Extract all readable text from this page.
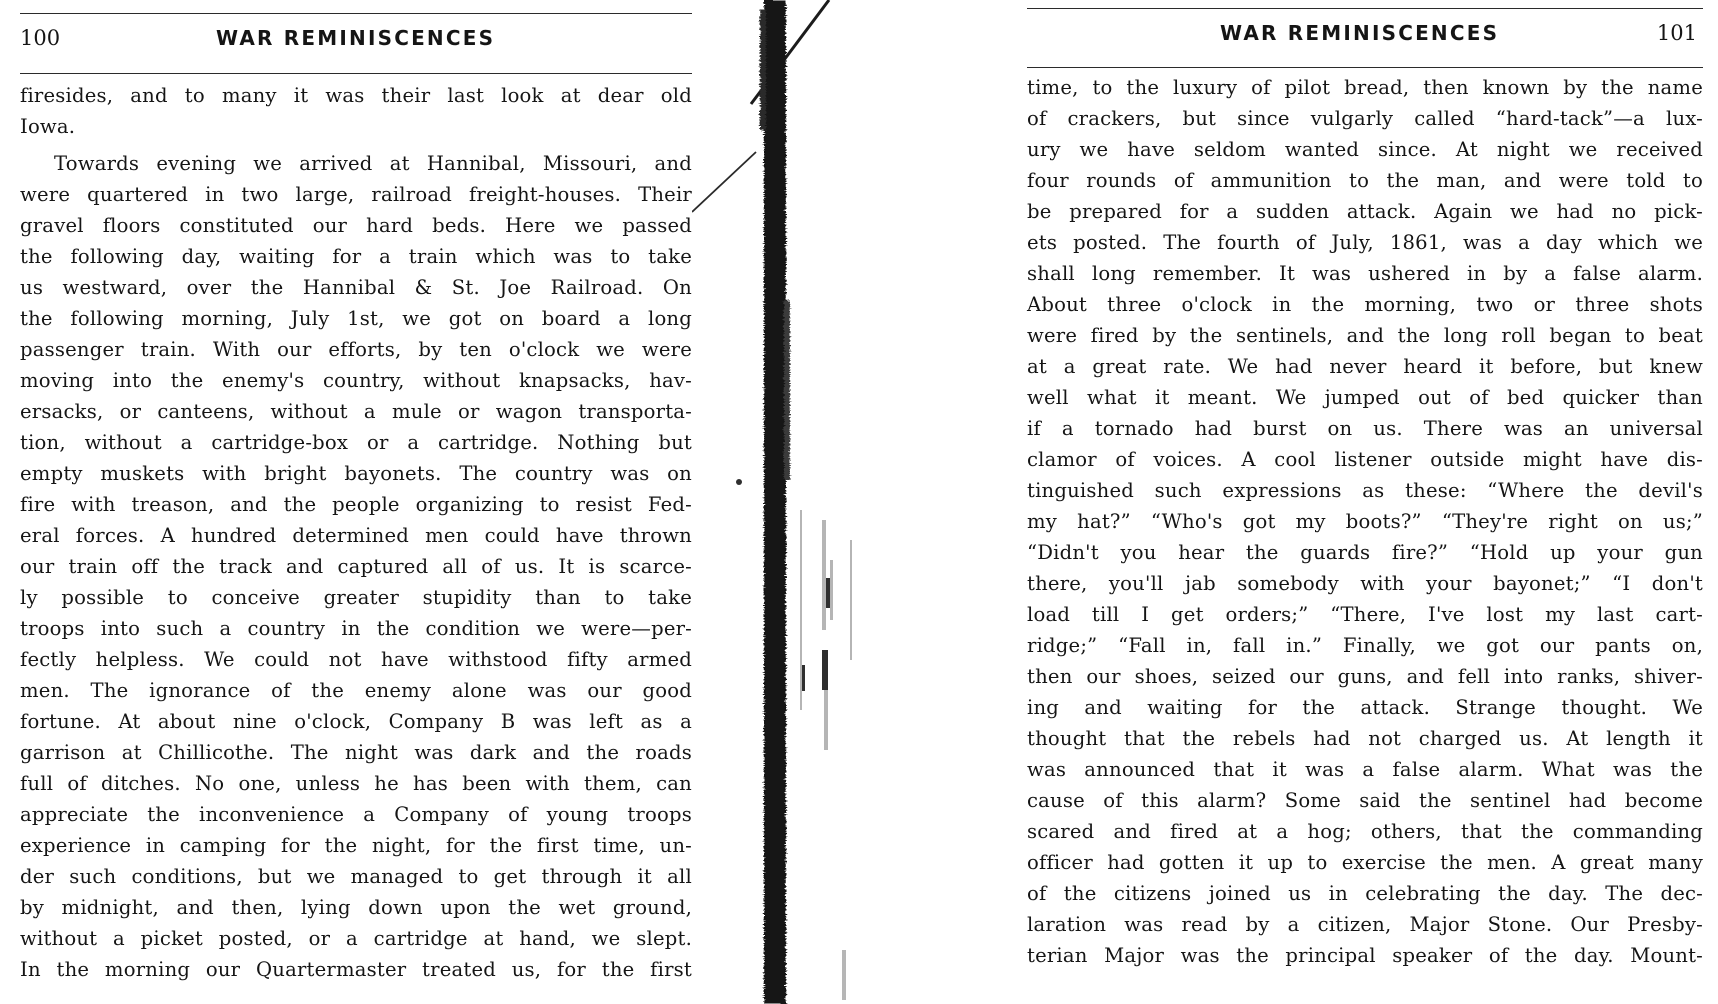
100	WAR REMINISCENCES
firesides, and to many it was their last look at dear old
Iowa.
Towards evening we arrived at Hannibal, Missouri, and
were quartered in two large, railroad freight-houses. Their
gravel floors constituted our hard beds. Here we passed
the following day, waiting for a train which was to take
us westward, over the Hannibal & St. Joe Railroad. On
the following morning, July 1st, we got on board a long
passenger train. With our efforts, by ten o'clock we were
moving into the enemy's country, without knapsacks, hav-
ersacks, or canteens, without a mule or wagon transporta-
tion, without a cartridge-box or a cartridge. Nothing but
empty muskets with bright bayonets. The country was on
fire with treason, and the people organizing to resist Fed-
eral forces. A hundred determined men could have thrown
our train off the track and captured all of us. It is scarce-
ly possible to conceive greater stupidity than to take
troops into such a country in the condition we were—per-
fectly helpless. We could not have withstood fifty armed
men. The ignorance of the enemy alone was our good
fortune. At about nine o'clock, Company B was left as a
garrison at Chillicothe. The night was dark and the roads
full of ditches. No one, unless he has been with them, can
appreciate the inconvenience a Company of young troops
experience in camping for the night, for the first time, un-
der such conditions, but we managed to get through it all
by midnight, and then, lying down upon the wet ground,
without a picket posted, or a cartridge at hand, we slept.
In the morning our Quartermaster treated us, for the first
WAR REMINISCENCES	101
time, to the luxury of pilot bread, then known by the name
of crackers, but since vulgarly called “hard-tack”—a lux-
ury we have seldom wanted since. At night we received
four rounds of ammunition to the man, and were told to
be prepared for a sudden attack. Again we had no pick-
ets posted. The fourth of July, 1861, was a day which we
shall long remember. It was ushered in by a false alarm.
About three o'clock in the morning, two or three shots
were fired by the sentinels, and the long roll began to beat
at a great rate. We had never heard it before, but knew
well what it meant. We jumped out of bed quicker than
if a tornado had burst on us. There was an universal
clamor of voices. A cool listener outside might have dis-
tinguished such expressions as these: “Where the devil's
my hat?” “Who's got my boots?” “They're right on us;”
“Didn't you hear the guards fire?” “Hold up your gun
there, you'll jab somebody with your bayonet;” “I don't
load till I get orders;” “There, I've lost my last cart-
ridge;” “Fall in, fall in.” Finally, we got our pants on,
then our shoes, seized our guns, and fell into ranks, shiver-
ing and waiting for the attack. Strange thought. We
thought that the rebels had not charged us. At length it
was announced that it was a false alarm. What was the
cause of this alarm? Some said the sentinel had become
scared and fired at a hog; others, that the commanding
officer had gotten it up to exercise the men. A great many
of the citizens joined us in celebrating the day. The dec-
laration was read by a citizen, Major Stone. Our Presby-
terian Major was the principal speaker of the day. Mount-
